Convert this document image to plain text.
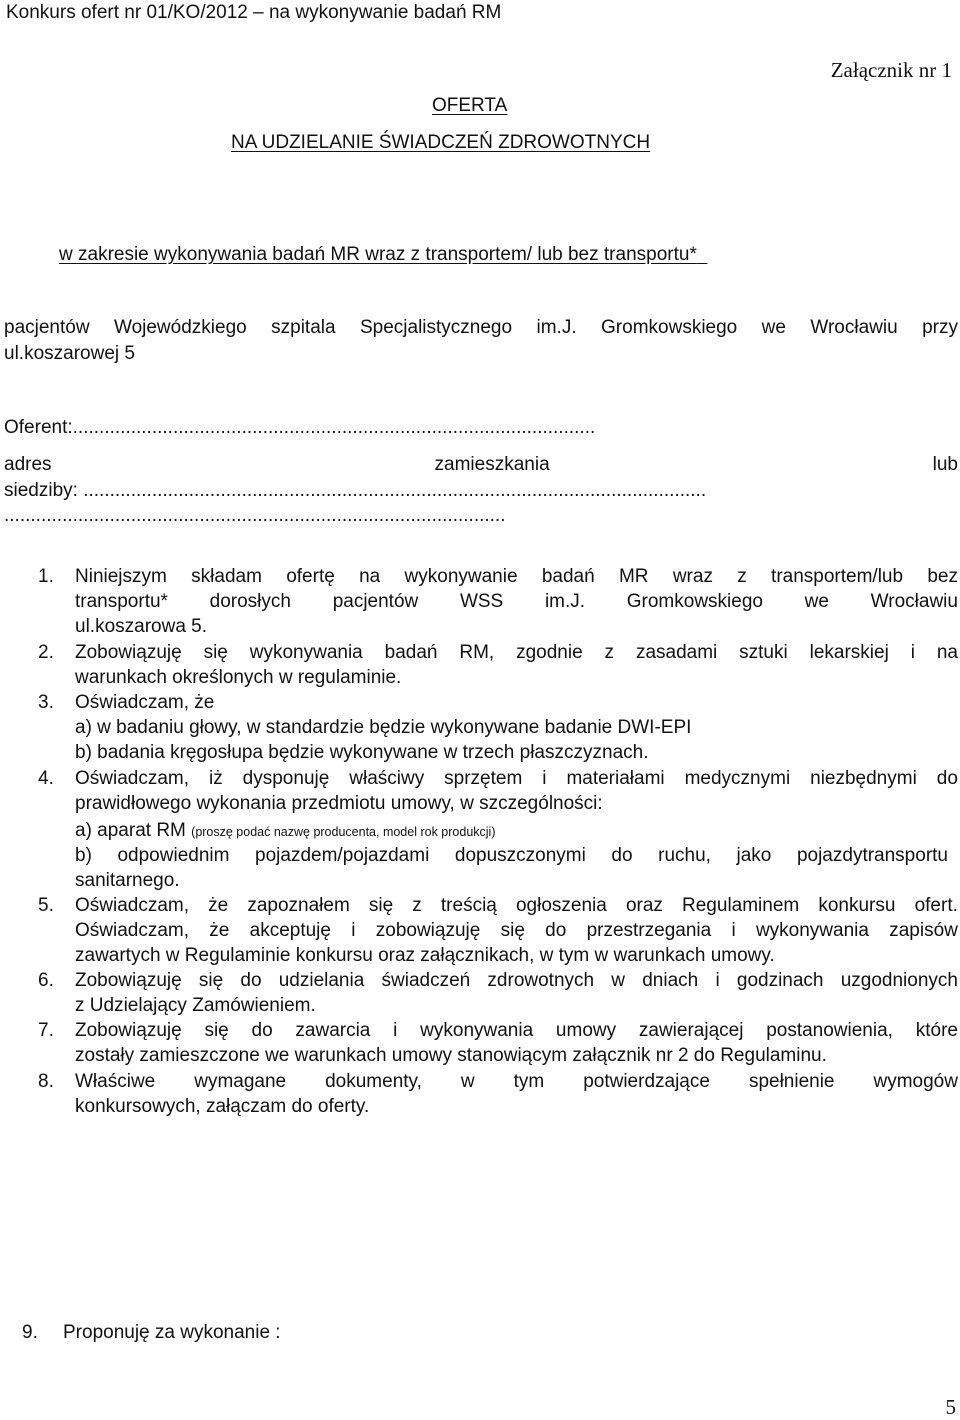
Konkurs ofert nr 01/KO/2012 – na wykonywanie badań RM
Załącznik nr 1
OFERTA
NA UDZIELANIE ŚWIADCZEŃ ZDROWOTNYCH
w zakresie wykonywania badań MR wraz z transportem/ lub bez transportu*
pacjentów Wojewódzkiego szpitala Specjalistycznego im.J. Gromkowskiego we Wrocławiu przy
ul.koszarowej 5
Oferent:...................................................................................................
adres	zamieszkania	lub
siedziby: ......................................................................................................................
...............................................................................................
1. Niniejszym składam ofertę na wykonywanie badań MR wraz z transportem/lub bez
transportu* dorosłych pacjentów WSS im.J. Gromkowskiego we Wrocławiu
ul.koszarowa 5.
2. Zobowiązuję się wykonywania badań RM, zgodnie z zasadami sztuki lekarskiej i na
warunkach określonych w regulaminie.
3. Oświadczam, że
a) w badaniu głowy, w standardzie będzie wykonywane badanie DWI-EPI
b) badania kręgosłupa będzie wykonywane w trzech płaszczyznach.
4. Oświadczam, iż dysponuję właściwy sprzętem i materiałami medycznymi niezbędnymi do
prawidłowego wykonania przedmiotu umowy, w szczególności:
a) aparat RM (proszę podać nazwę producenta, model rok produkcji)
b) odpowiednim pojazdem/pojazdami dopuszczonymi do ruchu, jako pojazdytransportu
sanitarnego.
5. Oświadczam, że zapoznałem się z treścią ogłoszenia oraz Regulaminem konkursu ofert.
Oświadczam, że akceptuję i zobowiązuję się do przestrzegania i wykonywania zapisów
zawartych w Regulaminie konkursu oraz załącznikach, w tym w warunkach umowy.
6. Zobowiązuję się do udzielania świadczeń zdrowotnych w dniach i godzinach uzgodnionych
z Udzielający Zamówieniem.
7. Zobowiązuję się do zawarcia i wykonywania umowy zawierającej postanowienia, które
zostały zamieszczone we warunkach umowy stanowiącym załącznik nr 2 do Regulaminu.
8. Właściwe wymagane dokumenty, w tym potwierdzające spełnienie wymogów
konkursowych, załączam do oferty.
9. Proponuję za wykonanie :
5
